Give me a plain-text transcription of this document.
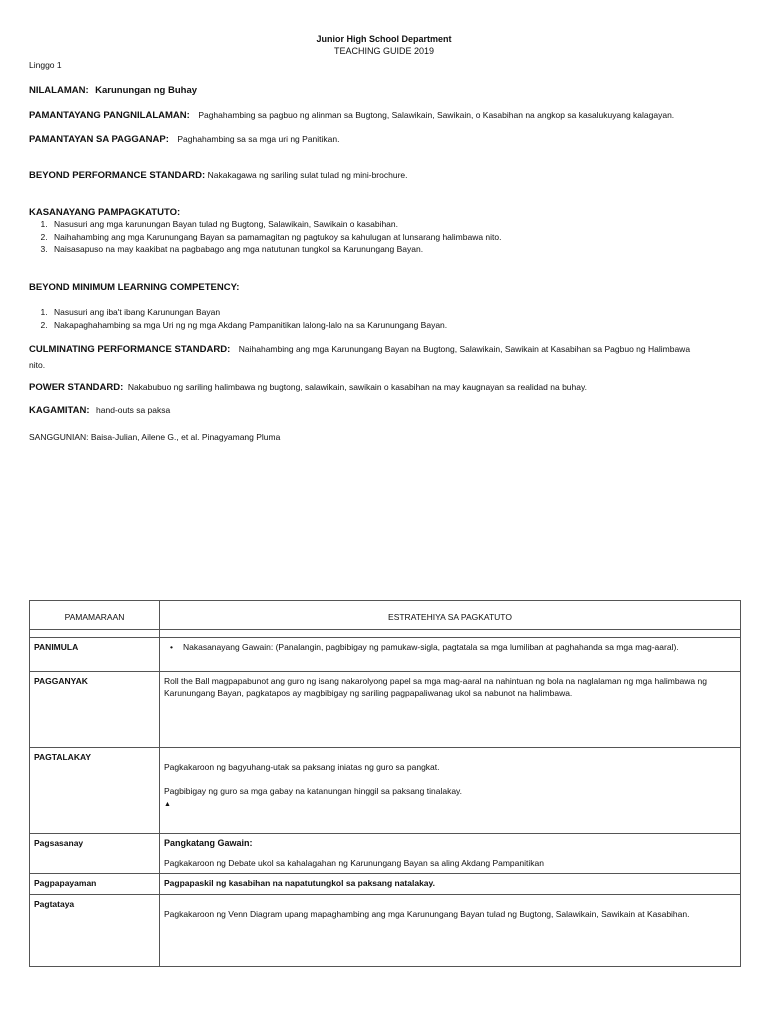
Junior High School Department
TEACHING GUIDE 2019
Linggo 1
NILALAMAN: Karunungan ng Buhay
PAMANTAYANG PANGNILALAMAN: Paghahambing sa pagbuo ng alinman sa Bugtong, Salawikain, Sawikain, o Kasabihan na angkop sa kasalukuyang kalagayan.
PAMANTAYAN SA PAGGANAP: Paghahambing sa sa mga uri ng Panitikan.
BEYOND PERFORMANCE STANDARD: Nakakagawa ng sariling sulat tulad ng mini-brochure.
KASANAYANG PAMPAGKATUTO:
1. Nasusuri ang mga karunungan Bayan tulad ng Bugtong, Salawikain, Sawikain o kasabihan.
2. Naihahambing ang mga Karunungang Bayan sa pamamagitan ng pagtukoy sa kahulugan at lunsarang halimbawa nito.
3. Naisasapuso na may kaakibat na pagbabago ang mga natutunan tungkol sa Karunungang Bayan.
BEYOND MINIMUM LEARNING COMPETENCY:
1. Nasusuri ang iba't ibang Karunungan Bayan
2. Nakapaghahambing sa mga Uri ng ng mga Akdang Pampanitikan lalong-lalo na sa Karunungang Bayan.
CULMINATING PERFORMANCE STANDARD: Naihahambing ang mga Karunungang Bayan na Bugtong, Salawikain, Sawikain at Kasabihan sa Pagbuo ng Halimbawa
nito.
POWER STANDARD: Nakabubuo ng sariling halimbawa ng bugtong, salawikain, sawikain o kasabihan na may kaugnayan sa realidad na buhay.
KAGAMITAN: hand-outs sa paksa
SANGGUNIAN: Baisa-Julian, Ailene G., et al. Pinagyamang Pluma
PAMAMARAAN	ESTRATEHIYA SA PAGKATUTO

PANIMULA	• Nakasanayang Gawain: (Panalangin, pagbibigay ng pamukaw-sigla, pagtatala sa mga lumiliban at paghahanda sa mga mag-aaral).
PAGGANYAK	Roll the Ball magpapabunot ang guro ng isang nakarolyong papel sa mga mag-aaral na nahintuan ng bola na naglalaman ng mga halimbawa ng Karunungang Bayan, pagkatapos ay magbibigay ng sariling pagpapaliwanag ukol sa nabunot na halimbawa.
PAGTALAKAY	Pagkakaroon ng bagyuhang-utak sa paksang iniatas ng guro sa pangkat.
Pagbibigay ng guro sa mga gabay na katanungan hinggil sa paksang tinalakay.
▲

Pagsasanay	Pangkatang Gawain:
Pagkakaroon ng Debate ukol sa kahalagahan ng Karunungang Bayan sa aling Akdang Pampanitikan

Pagpapayaman	Pagpapaskil ng kasabihan na napatutungkol sa paksang natalakay.
Pagtataya	Pagkakaroon ng Venn Diagram upang mapaghambing ang mga Karunungang Bayan tulad ng Bugtong, Salawikain, Sawikain at Kasabihan.
